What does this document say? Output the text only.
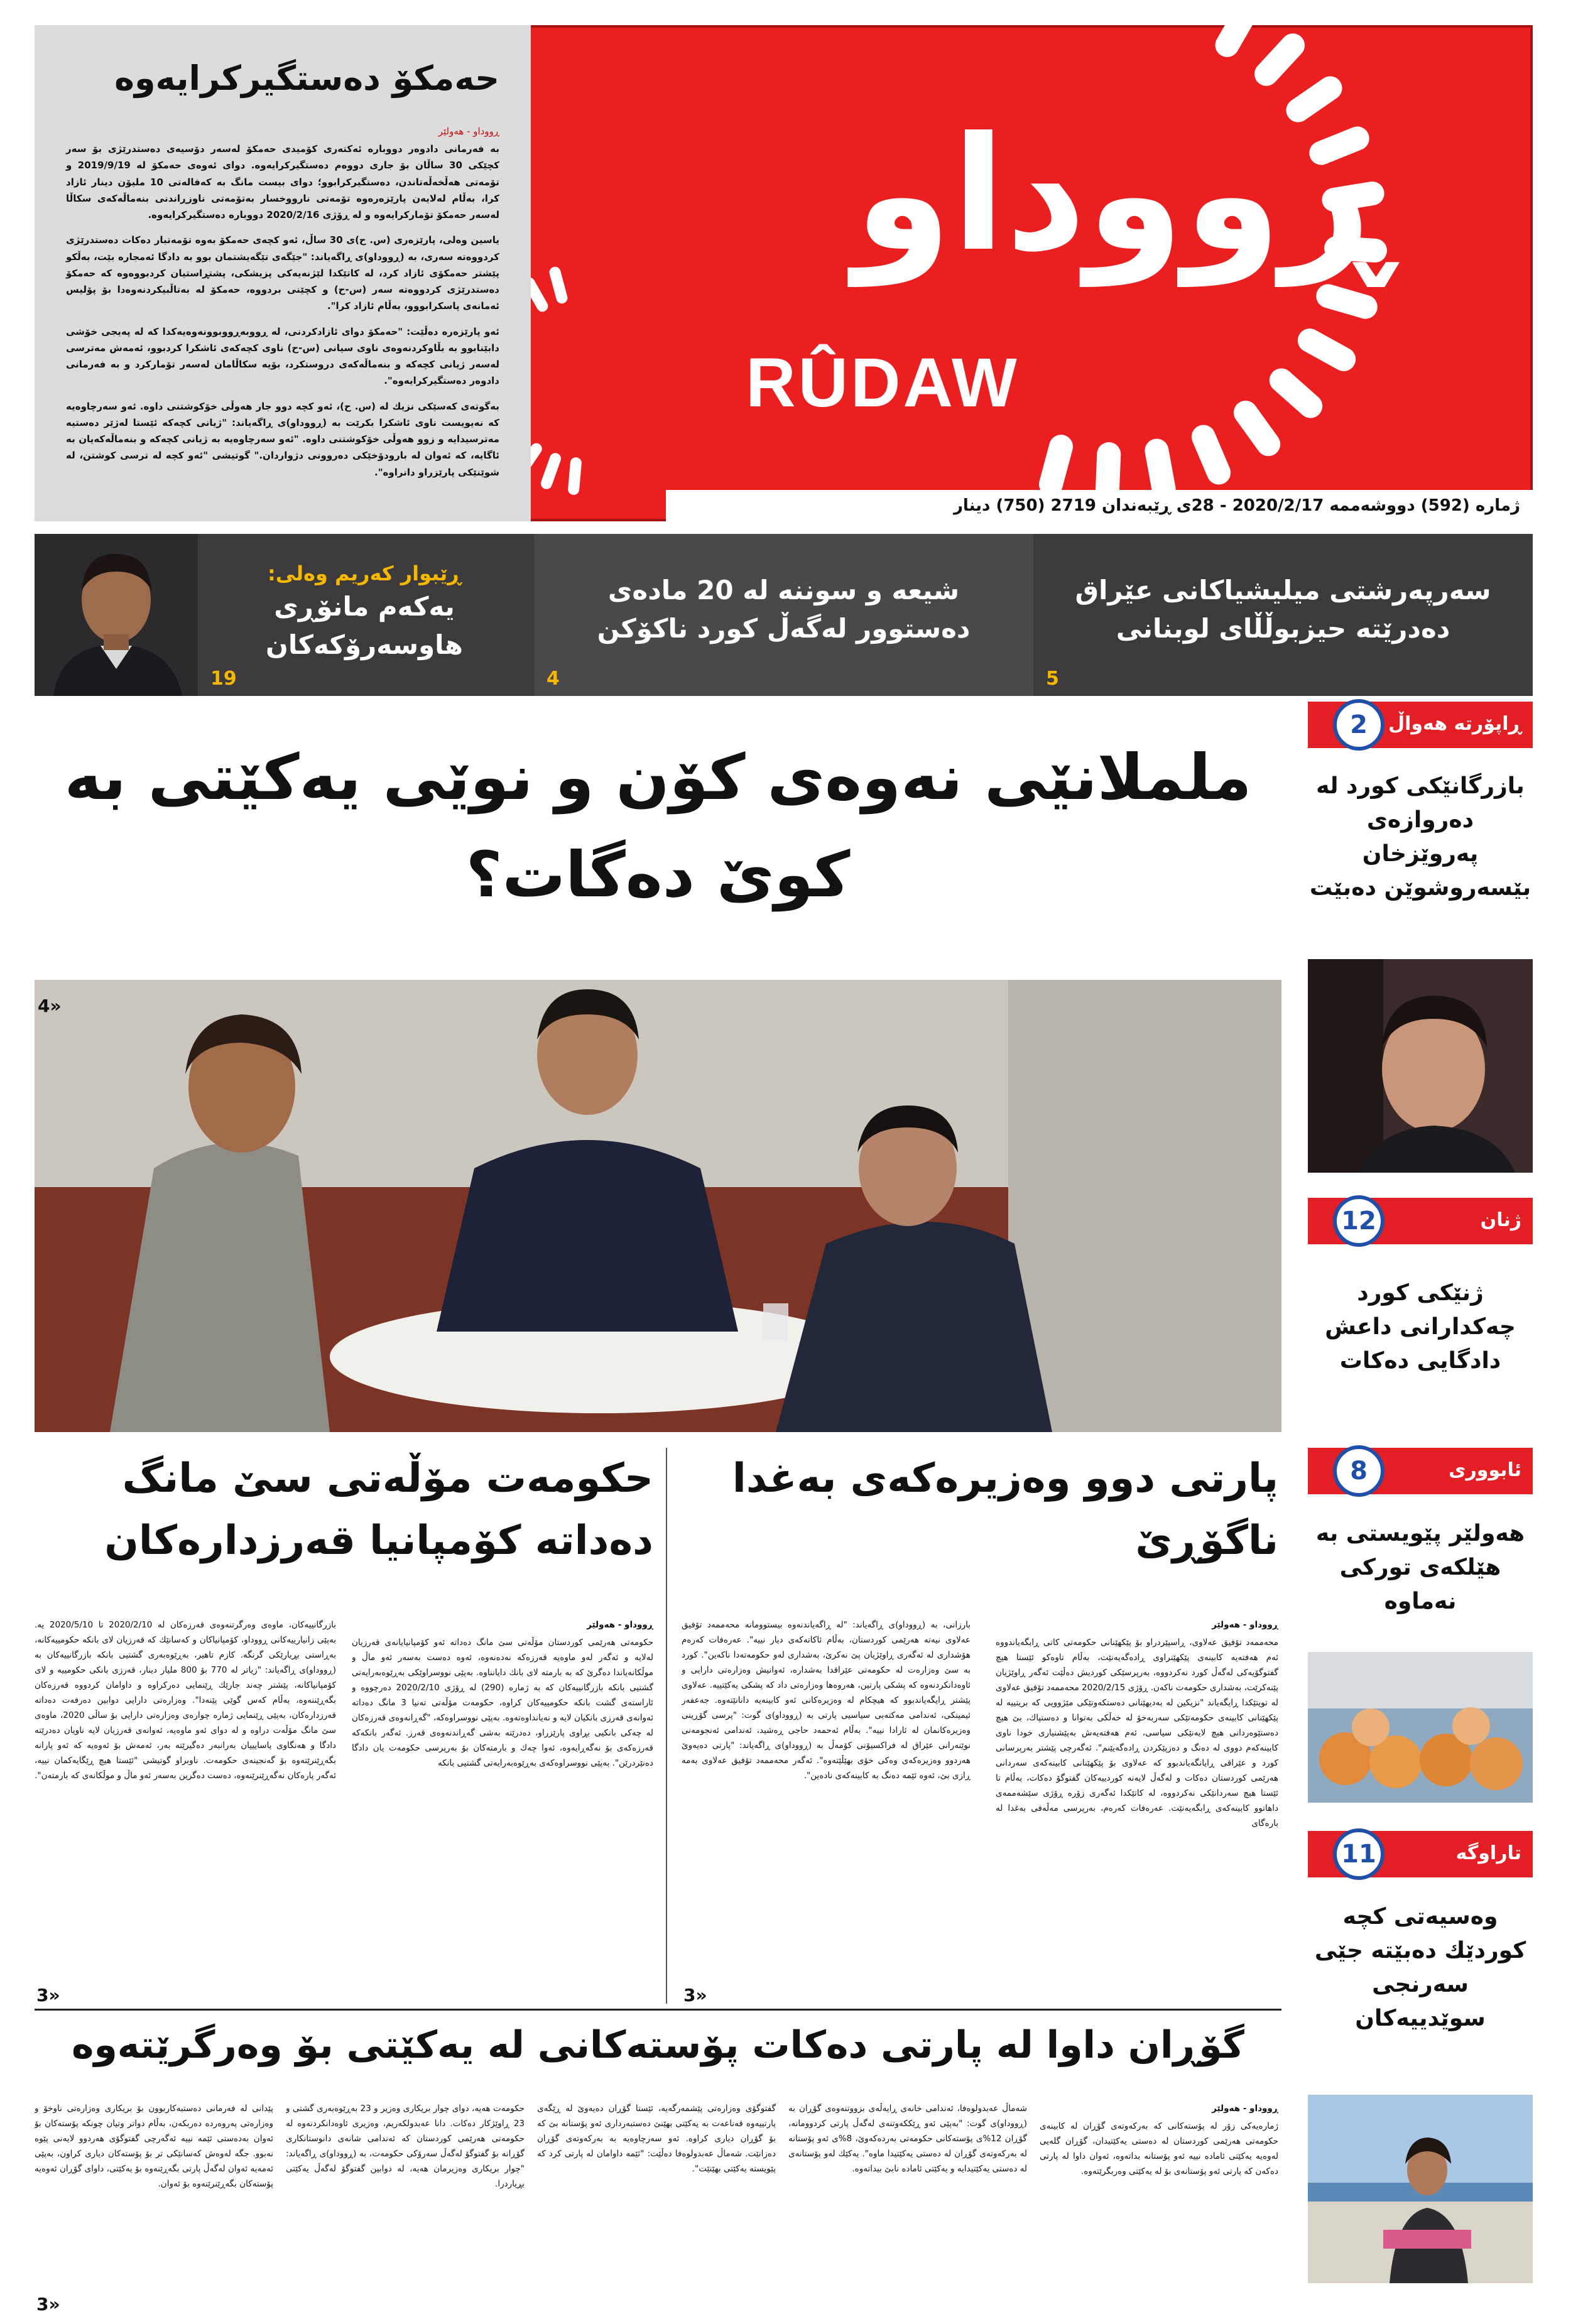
ڕووداو
RÛDAW
حەمكۆ دەستگیركرایەوە
ڕووداو - هەولێر

بە فەرمانی دادوەر دووبارە ئەكتەری كۆمیدی حەمكۆ لەسەر دۆسیەی دەستدرێژی بۆ سەر كچێكی 30 ساڵان بۆ جاری دووەم دەستگیركرایەوە. دوای ئەوەی حەمكۆ لە 2019/9/19 و تۆمەتی هەڵخەڵەتاندن، دەستگیركرابوو؛ دوای بیست مانگ بە كەفالەتی 10 ملیۆن دینار ئازاد كرا، بەڵام لەلایەن پارێزەرەوە تۆمەتی نارووخسار بەتۆمەتی ناوزڕاندنی بنەماڵەكەی سكاڵا لەسەر حەمكۆ تۆماركرایەوە و لە ڕۆژی 2020/2/16 دووبارە دەستگیركرایەوە.

یاسین وەلی، پارێزەری (س. ح)ی 30 ساڵ، ئەو كچەی حەمكۆ بەوە تۆمەتبار دەكات دەستدرێژی كردووەتە سەری، بە (ڕووداو)ی ڕاگەیاند: "جێگەی تێگەیشتمان بوو بە دادگا ئەمجارە بێت، بەڵكو پێشتر حەمكۆی ئازاد كرد، لە كاتێكدا لێژنەیەكی پزیشكی، پشتڕاستیان كردبووەوە كە حەمكۆ دەستدرێژی كردووەتە سەر (س-ح) و كچێنی بردووە، حەمكۆ لە بەتاڵبیكردنەوەدا بۆ پۆلیس ئەمانەی پاسكرابووو، بەڵام ئازاد كرا".

ئەو پارێزەرە دەڵێت: "حەمكۆ دوای ئازادكردنی، لە ڕووبەڕووبوونەوەیەكدا كە لە پەیجی خۆشی دابێنابوو بە بڵاوكردنەوەی ناوی سیانی (س-ح) ناوی كچەكەی ئاشكرا كردبوو، ئەمەش مەترسی لەسەر ژیانی كچەكە و بنەماڵەكەی دروستكرد، بۆیە سكاڵامان لەسەر تۆماركرد و بە فەرمانی دادوەر دەستگیركرایەوە".

بەگوتەی كەسێكی نزیك لە (س. ح)، ئەو كچە دوو جار هەوڵی خۆكوشتنی داوە. ئەو سەرچاوەیە كە نەیویست ناوی ئاشكرا بكرێت بە (ڕووداو)ی ڕاگەیاند: "ژیانی كچەكە ئێستا لەژێر دەستیە مەترسیدایە و زوو هەوڵی خۆكوشتنی داوە. "ئەو سەرچاوەیە بە ژیانی كچەكە و بنەماڵەكەیان بە ئاگایە، كە ئەوان لە بارودۆخێكی دەروونی دژواردان." گوتیشی "ئەو كچە لە ترسی كوشتن، لە شوێنێكی پارێزراو دانراوە".

ژمارە (592) دووشەممە 2020/2/17 - 28ی ڕێبەندان 2719 (750) دینار
سەرپەرشتی میلیشیاكانی عێراق دەدرێتە حیزبوڵڵای لوبنانی
5
شیعە و سوننە لە 20 مادەی دەستوور لەگەڵ كورد ناكۆكن
4
ڕێبوار كەریم وەلی:
یەكەم مانۆڕی هاوسەرۆكەكان
19
ململانێی نەوەی كۆن و نوێی یەكێتی بە كوێ دەگات؟
4»
ڕاپۆرتە هەواڵ
2
بازرگانێكی كورد لە دەروازەی پەروێزخان بێسەروشوێن دەبێت
ژنان
12
ژنێكی كورد چەكدارانی داعش دادگایی دەكات
ئابووری
8
هەولێر پێویستی بە هێلكەی توركی نەماوە
تاراوگە
11
وەسیەتی كچە كوردێك دەبێتە جێی سەرنجی سوێدییەكان
پارتی دوو وەزیرەكەی بەغدا ناگۆڕێ
ڕووداو - هەولێر

محەممەد تۆفیق عەلاوی، ڕاسپێردراو بۆ پێكهێنانی حكومەتی كاتی ڕابگەیاندووە ئەم هەفتەیە كابینەی پێكهێنراوی ڕادەگەیەنێت، بەڵام تاوەكو ئێستا هیچ گفتوگۆیەكی لەگەڵ كورد نەكردووە، بەرپرسێكی كوردیش دەڵێت ئەگەر ڕاوێژیان پێنەكرێت، بەشداری حكومەت ناكەن. ڕۆژی 2020/2/15 محەممەد تۆفیق عەلاوی لە تویتێكدا ڕایگەیاند "نزیكین لە بەدیهێنانی دەستكەوتێكی مێژوویی كە بریتییە لە پێكهێنانی كابینەی حكومەتێكی سەربەخۆ لە خەڵكی بەتوانا و دەستپاك، بێ هیچ دەستێوەردانی هیچ لایەنێكی سیاسی، ئەم هەفتەیەش بەپێشنیاری خودا ناوی كابینەكەم دووی لە دەنگ و دەزپێكردن ڕادەگەیێنم". ئەگەرچی پێشتر بەرپرسانی كورد و عێراقی ڕایانگەیاندبوو كە عەلاوی بۆ پێكهێنانی كابینەكەی سەردانی هەرێمی كوردستان دەكات و لەگەڵ لایەنە كوردییەكان گفتوگۆ دەكات، بەڵام تا ئێستا هیچ سەردانێكی نەكردووە، لە كاتێكدا ئەگەری زۆرە ڕۆژی سێشەممەی داهاتوو كابینەكەی ڕابگەیەنێت. عەرەفات كەرەم، بەرپرسی مەڵەفی بەغدا لە بارەگای

بارزانی، بە (ڕووداو)ی ڕاگەیاند: "لە ڕاگەیاندنەوە بیستوومانە محەممەد تۆفیق عەلاوی نیەتە هەرێمی كوردستان، بەڵام ئاكاتەكەی دیار نییە". عەرەفات كەرەم هۆشداری لە ئەگەری ڕاوێژیان پێ نەكرێ، بەشداری لەو حكومەتەدا ناكەین". كورد بە سێ وەزارەت لە حكومەتی عێراقدا بەشدارە، ئەوانیش وەزارەتی دارایی و ئاوەدانكردنەوە كە پشكی پارتین، هەروەها وەزارەتی داد كە پشكی یەكێتییە. عەلاوی پێشتر ڕایگەیاندبوو كە هیچكام لە وەزیرەكانی ئەو كابینەیە دانانێتەوە. جەعفەر ئیمینكی، ئەندامی مەكتەبی سیاسیی پارتی بە (ڕووداو)ی گوت: "پرسی گۆڕینی وەزیرەكانمان لە ئارادا نییە". بەڵام ئەحمەد حاجی ڕەشید، ئەندامی ئەنجومەنی نوێنەرانی عێراق لە فراكسیۆنی كۆمەڵ بە (ڕووداو)ی ڕاگەیاند: "پارتی دەیەوێ هەردوو وەزیرەكەی وەكی خۆی بهێڵێتەوە". ئەگەر محەممەد تۆفیق عەلاوی بەمە ڕازی بێ، ئەوە ئێمە دەنگ بە كابینەكەی نادەین".

3»
حكومەت مۆڵەتی سێ مانگ دەداتە كۆمپانیا قەرزدارەكان
ڕووداو - هەولێر

حكومەتی هەرێمی كوردستان مۆڵەتی سێ مانگ دەداتە ئەو كۆمپانیایانەی قەرزیان لەلایە و ئەگەر لەو ماوەیە قەرزەكە نەدەنەوە، ئەوە دەست بەسەر ئەو ماڵ و موڵكانەیاندا دەگرێ كە بە بارمتە لای بانك دایانناوە. بەپێی نووسراوێكی بەڕێوەبەرایەتی گشتیی بانكە بازرگانییەكان كە بە ژمارە (290) لە ڕۆژی 2020/2/10 دەرچووە و ئاراستەی گشت بانكە حكومییەكان كراوە، حكومەت مۆڵەتی تەنیا 3 مانگ دەداتە ئەوانەی قەرزی بانكیان لایە و نەیانداوەتەوە. بەپێی نووسراوەكە، "گەڕانەوەی قەرزەكان لە چەكی بانكیی بڕاوی پارێزراو، دەدرێتە بەشی گەڕاندنەوەی قەرز. ئەگەر بانكەكە قەرزەكەی بۆ نەگەڕایەوە، ئەوا چەك و بارمتەكان بۆ بەرپرسی حكومەت یان دادگا دەنێردرێن". بەپێی نووسراوەكەی بەڕێوەبەرایەتی گشتیی بانكە

بازرگانییەكان، ماوەی وەرگرتنەوەی قەرزەكان لە 2020/2/10 تا 2020/5/10 یە. بەپێی زانیارییەكانی ڕووداو، كۆمپانیاكان و كەسانێك كە قەرزیان لای بانكە حكومییەكانە، بەڕاستی بڕیارێكی گرنگە. كازم تاهیر، بەڕێوەبەری گشتیی بانكە بازرگانییەكان بە (ڕووداو)ی ڕاگەیاند: "زیاتر لە 770 بۆ 800 ملیار دینار، قەرزی بانكی حكومییە و لای كۆمپانیاكانە، پێشتر چەند جارێك ڕێنمایی دەركراوە و داوامان كردووە قەرزەكان بگەڕێننەوە، بەڵام كەس گوێی پێنەدا". وەزارەتی دارایی دوابین دەرفەت دەداتە قەرزدارەكان، بەپێی ڕێنمایی ژمارە چوارەی وەزارەتی دارایی بۆ ساڵی 2020، ماوەی سێ مانگ مۆڵەت دراوە و لە دوای ئەو ماوەیە، ئەوانەی قەرزیان لایە ناویان دەدرێتە دادگا و هەنگاوی یاسایییان بەرانبەر دەگیرێتە بەر، ئەمەش بۆ ئەوەیە كە ئەو پارانە بگەڕێنرێتەوە بۆ گەنجینەی حكومەت. ناوبراو گوتیشی "ئێستا هیچ ڕێگایەكمان نییە، ئەگەر پارەكان نەگەڕێنرێنەوە، دەست دەگرین بەسەر ئەو ماڵ و موڵكانەی كە بارمتەن".

3»
گۆڕان داوا لە پارتی دەكات پۆستەكانی لە یەكێتی بۆ وەرگرێتەوە
ڕووداو - هەولێر

ژمارەیەكی زۆر لە پۆستەكانی كە بەركەوتەی گۆڕان لە كابینەی حكومەتی هەرێمی كوردستان لە دەستی یەكێتیدان، گۆڕان گلەیی لەوەیە یەكێتی ئامادە نییە ئەو پۆستانە بداتەوە، ئەوان داوا لە پارتی دەكەن كە پارتی ئەو پۆستانەی بۆ لە یەكێتی وەربگرێتەوە.

شەماڵ عەبدولوەفا، ئەندامی خانەی ڕایەڵەی بزووتنەوەی گۆڕان بە (ڕووداو)ی گوت: "بەپێی ئەو ڕێككەوتنەی لەگەڵ پارتی كردوومانە، گۆڕان 12%ی پۆستەكانی حكومەتی بەردەكەوێ، 8%ی ئەو پۆستانە لە بەركەوتەی گۆڕان لە دەستی یەكێتیدا ماوە". یەكێك لەو پۆستانەی لە دەستی یەكێتیدایە و یەكێتی ئامادە نابێ بیداتەوە.

گفتوگۆی وەزارەتی پێشمەرگەیە، ئێستا گۆڕان دەیەوێ لە ڕێگەی پارتییەوە قەناعەت بە یەكێتی بهێنێ دەستبەرداری ئەو پۆستانە بێ كە بۆ گۆڕان دیاری كراوە. ئەو سەرچاوەیە بە بەركەوتەی گۆڕان دەزانێت. شەماڵ عەبدولوەفا دەڵێت: "ئێمە داوامان لە پارتی كرد كە پێویستە یەكێتی بهێنێت".

حكومەت هەیە، دوای چوار بریكاری وەزیر و 23 بەڕێوەبەری گشتی و 23 ڕاوێژكار دەكات. دانا عەبدولكەریم، وەزیری ئاوەدانكردنەوە لە حكومەتی هەرێمی كوردستان كە ئەندامی شانەی دانوستانكاری گۆڕانە بۆ گفتوگۆ لەگەڵ سەرۆكی حكومەت، بە (ڕووداو)ی ڕاگەیاند: "چوار بریكاری وەزیرمان هەیە، لە دوابین گفتوگۆ لەگەڵ یەكێتی بڕیاردرا.

پێدانی لە فەرمانی دەستبەكاربوون بۆ بریكاری وەزارەتی ناوخۆ و وەزارەتی پەروەردە دەربكەن، بەڵام دواتر وتیان چونكە پۆستەكان بۆ ئەوان بەدەستی ئێمە نییە ئەگەرچی گفتوگۆی هەردوو لایەنی پێوە نەبوو. جگە لەوەش كەسانێكی تر بۆ پۆستەكان دیاری كراون، بەپێی ئەمەیە ئەوان لەگەڵ پارتی بگەڕێنەوە بۆ یەكێتی، داوای گۆڕان ئەوەیە پۆستەكان بگەڕێنرێنەوە بۆ ئەوان.

3»
